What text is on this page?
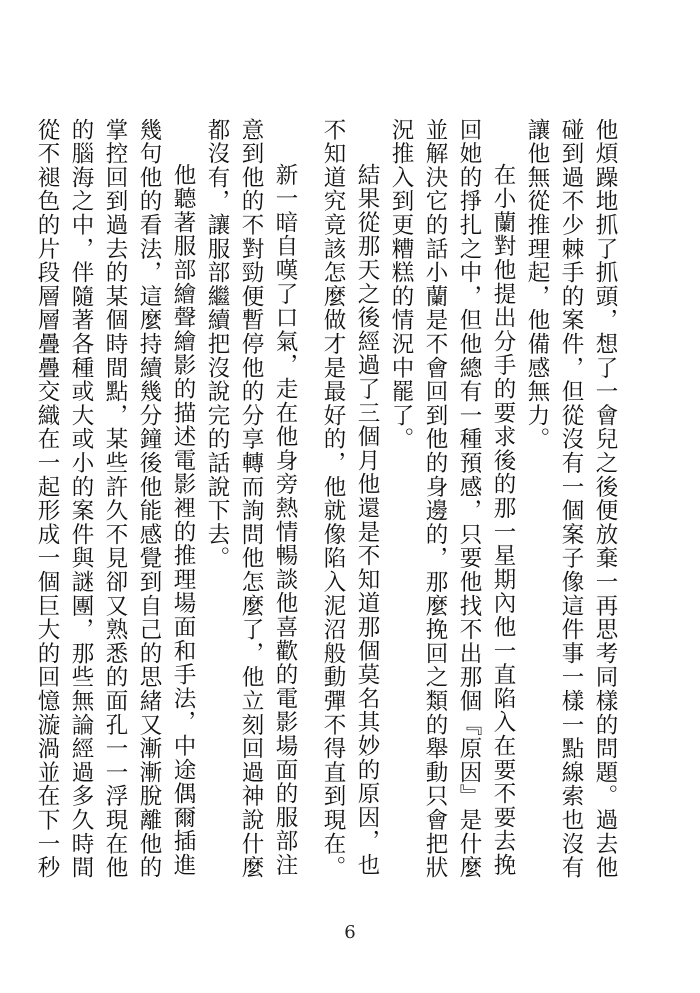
他煩躁地抓了抓頭，想了一會兒之後便放棄一再思考同樣的問題。過去他碰到過不少棘手的案件，但從沒有一個案子像這件事一樣一點線索也沒有讓他無從推理起，他備感無力。

在小蘭對他提出分手的要求後的那一星期內他一直陷入在要不要去挽回她的掙扎之中，但他總有一種預感，只要他找不出那個『原因』是什麼並解決它的話小蘭是不會回到他的身邊的，那麼挽回之類的舉動只會把狀況推入到更糟糕的情況中罷了。

結果從那天之後經過了三個月他還是不知道那個莫名其妙的原因，也不知道究竟該怎麼做才是最好的，他就像陷入泥沼般動彈不得直到現在。

新一暗自嘆了口氣，走在他身旁熱情暢談他喜歡的電影場面的服部注意到他的不對勁便暫停他的分享轉而詢問他怎麼了，他立刻回過神說什麼都沒有，讓服部繼續把沒說完的話說下去。

他聽著服部繪聲繪影的描述電影裡的推理場面和手法，中途偶爾插進幾句他的看法，這麼持續幾分鐘後他能感覺到自己的思緒又漸漸脫離他的掌控回到過去的某個時間點，某些許久不見卻又熟悉的面孔一一浮現在他的腦海之中，伴隨著各種或大或小的案件與謎團，那些無論經過多久時間從不褪色的片段層層疊疊交織在一起形成一個巨大的回憶漩渦並在下一秒

6
